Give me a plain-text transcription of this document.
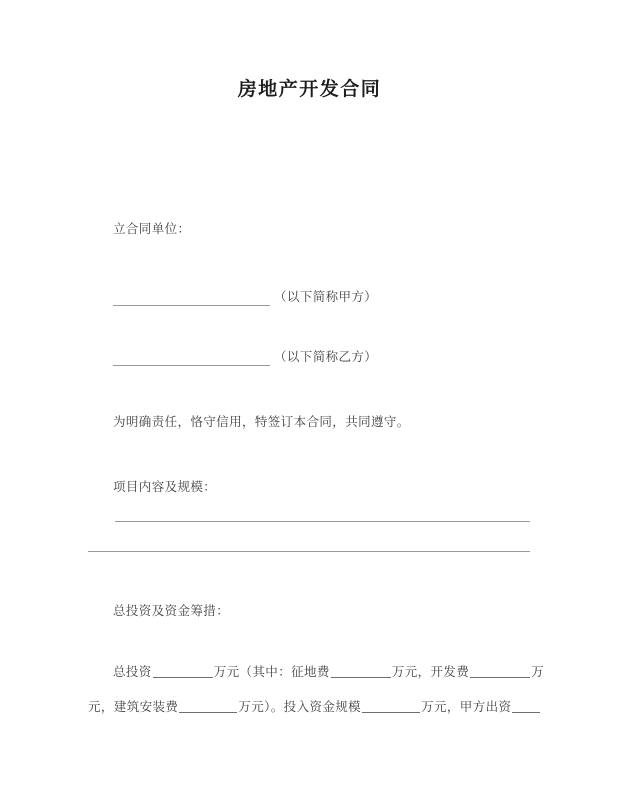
房地产开发合同
立合同单位：
（以下简称甲方）
（以下简称乙方）
为明确责任，恪守信用，特签订本合同，共同遵守。
项目内容及规模：
总投资及资金筹措：
总投资	万元（其中：征地费	万元，开发费	万
元，建筑安装费	万元）。投入资金规模	万元，甲方出资
